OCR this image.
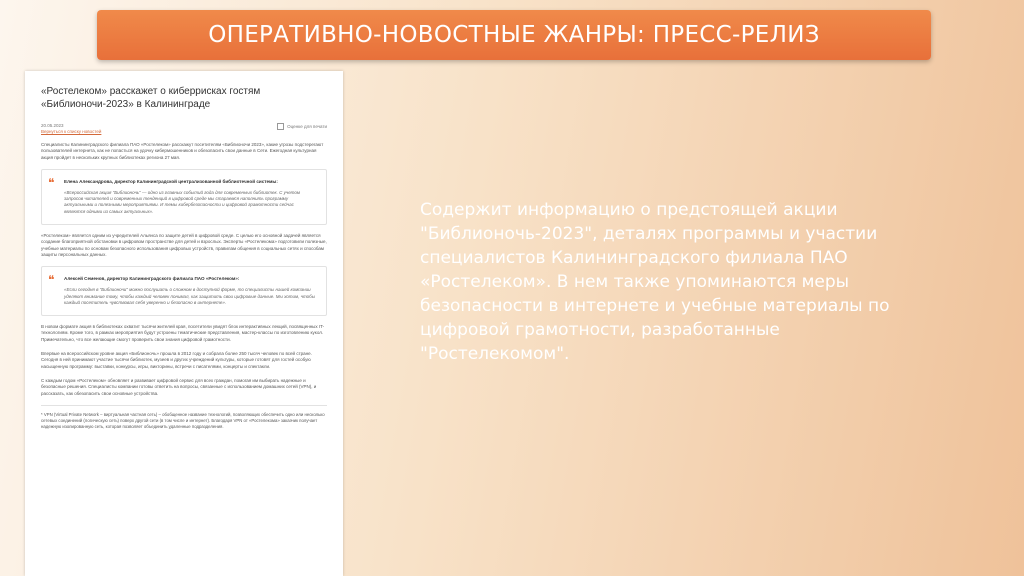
ОПЕРАТИВНО-НОВОСТНЫЕ ЖАНРЫ: ПРЕСС-РЕЛИЗ
«Ростелеком» расскажет о киберрисках гостям «Библионочи-2023» в Калининграде
20.05.2023
Вернуться к списку новостей
Оценке для печати

Специалисты Калининградского филиала ПАО «Ростелеком» расскажут посетителям «Библионочи 2023», какие угрозы подстерегают пользователей интернета, как не попасться на удочку кибермошенников и обезопасить свои данные в Сети. Ежегодная культурная акция пройдет в нескольких крупных библиотеках региона 27 мая.

❝ Елена Александрова, директор Калининградской централизованной библиотечной системы:
«Всероссийская акция "Библионочь" — одно из главных событий года для современных библиотек. С учетом запросов читателей и современных тенденций в цифровой среде мы стараемся наполнить программу актуальными и полезными мероприятиями. И темы кибербезопасности и цифровой грамотности сейчас являются одними из самых актуальных».

«Ростелеком» является одним из учредителей Альянса по защите детей в цифровой среде. С целью его основной задачей является создание благоприятной обстановки в цифровом пространстве для детей и взрослых. Эксперты «Ростелекома» подготовили полезные, учебные материалы по основам безопасного использования цифровых устройств, правилам общения в социальных сетях и способам защиты персональных данных.

❝ Алексей Семенов, директор Калининградского филиала ПАО «Ростелеком»:
«Если сегодня в "Библионочи" можно послушать о сложном в доступной форме, то специалисты нашей компании уделяют внимание тому, чтобы каждый человек понимал, как защитить свои цифровые данные. Мы хотим, чтобы каждый посетитель чувствовал себя уверенно и безопасно в интернете».

В новом формате акция в библиотеках охватит тысячи жителей края, посетители увидят блок интерактивных лекций, посвященных IT-технологиям. Кроме того, в рамках мероприятия будут устроены тематические представления, мастер-классы по изготовлению кукол. Примечательно, что все желающие смогут проверить свои знания цифровой грамотности.

Впервые на всероссийском уровне акция «Библионочь» прошла в 2012 году и собрала более 250 тысяч человек по всей стране. Сегодня в ней принимают участие тысячи библиотек, музеев и других учреждений культуры, которые готовят для гостей особую насыщенную программу: выставки, конкурсы, игры, викторины, встречи с писателями, концерты и спектакли.

С каждым годом «Ростелеком» обновляет и развивает цифровой сервис для всех граждан, помогая им выбирать надежные и безопасные решения. Специалисты компании готовы ответить на вопросы, связанные с использованием домашних сетей (VPN), и рассказать, как обезопасить свои основные устройства.

* VPN (Virtual Private Network – виртуальная частная сеть) – обобщенное название технологий, позволяющих обеспечить одно или несколько сетевых соединений (логическую сеть) поверх другой сети (в том числе и интернет). Благодаря VPN от «Ростелекома» заказчик получает надежную изолированную сеть, которая позволяет объединить удаленные подразделения.

Содержит информацию о предстоящей акции "Библионочь-2023", деталях программы и участии специалистов Калининградского филиала ПАО «Ростелеком». В нем также упоминаются меры безопасности в интернете и учебные материалы по цифровой грамотности, разработанные "Ростелекомом".
